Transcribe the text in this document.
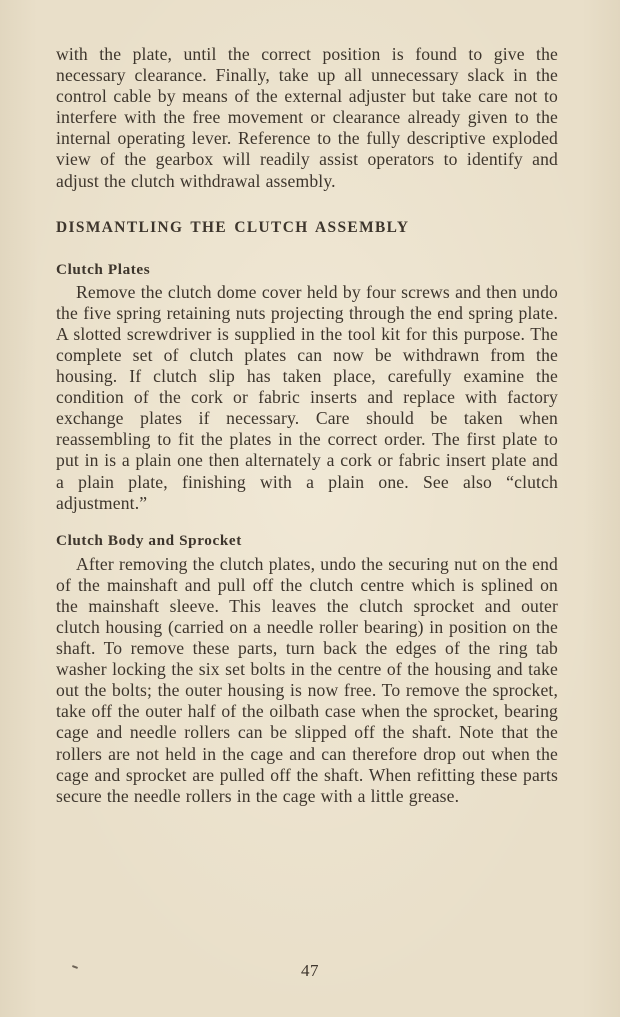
with the plate, until the correct position is found to give the necessary clearance. Finally, take up all unnecessary slack in the control cable by means of the external adjuster but take care not to interfere with the free movement or clearance already given to the internal operating lever. Reference to the fully descriptive exploded view of the gearbox will readily assist operators to identify and adjust the clutch withdrawal assembly.

DISMANTLING THE CLUTCH ASSEMBLY
Clutch Plates

Remove the clutch dome cover held by four screws and then undo the five spring retaining nuts projecting through the end spring plate. A slotted screwdriver is supplied in the tool kit for this purpose. The complete set of clutch plates can now be withdrawn from the housing. If clutch slip has taken place, carefully examine the condition of the cork or fabric inserts and replace with factory exchange plates if necessary. Care should be taken when reassembling to fit the plates in the correct order. The first plate to put in is a plain one then alternately a cork or fabric insert plate and a plain plate, finishing with a plain one. See also “clutch adjustment.”

Clutch Body and Sprocket

After removing the clutch plates, undo the securing nut on the end of the mainshaft and pull off the clutch centre which is splined on the mainshaft sleeve. This leaves the clutch sprocket and outer clutch housing (carried on a needle roller bearing) in position on the shaft. To remove these parts, turn back the edges of the ring tab washer locking the six set bolts in the centre of the housing and take out the bolts; the outer housing is now free. To remove the sprocket, take off the outer half of the oilbath case when the sprocket, bearing cage and needle rollers can be slipped off the shaft. Note that the rollers are not held in the cage and can therefore drop out when the cage and sprocket are pulled off the shaft. When refitting these parts secure the needle rollers in the cage with a little grease.

47
